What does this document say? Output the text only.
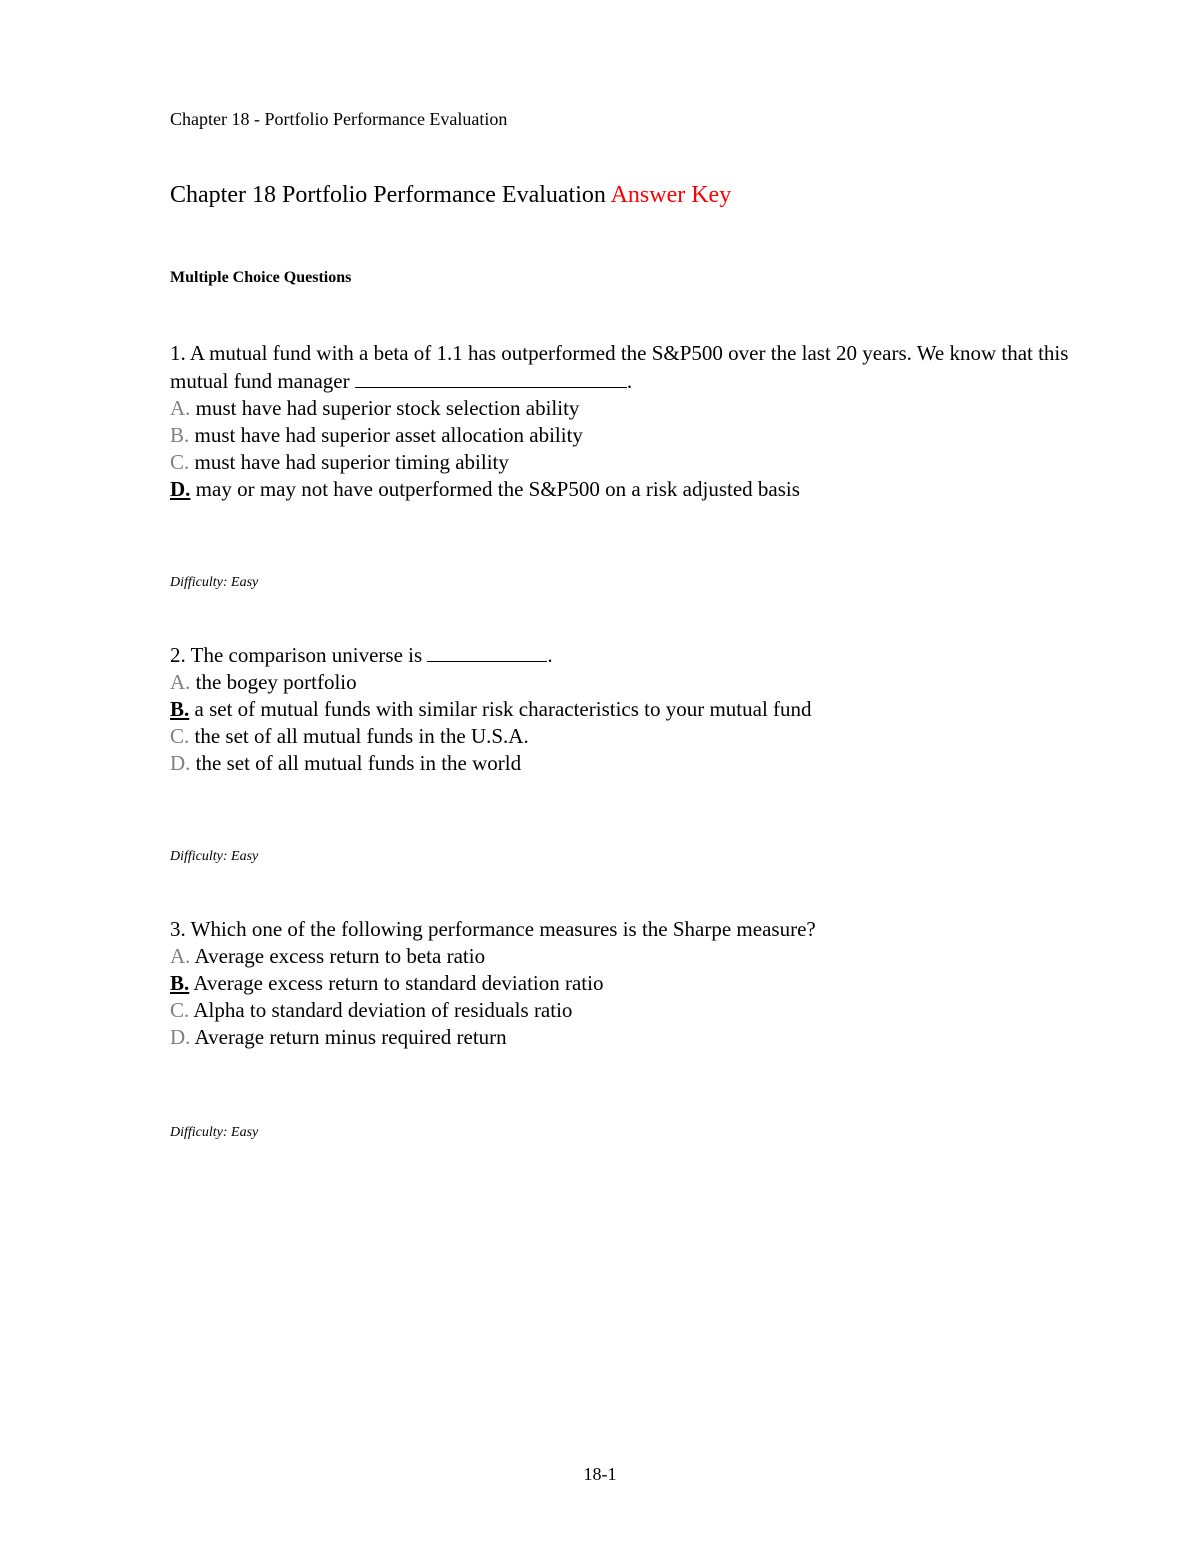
Chapter 18 - Portfolio Performance Evaluation
Chapter 18 Portfolio Performance Evaluation Answer Key
Multiple Choice Questions

1. A mutual fund with a beta of 1.1 has outperformed the S&P500 over the last 20 years. We know that this mutual fund manager	.

A. must have had superior stock selection ability

B. must have had superior asset allocation ability

C. must have had superior timing ability

D. may or may not have outperformed the S&P500 on a risk adjusted basis

Difficulty: Easy

2. The comparison universe is	.

A. the bogey portfolio

B. a set of mutual funds with similar risk characteristics to your mutual fund

C. the set of all mutual funds in the U.S.A.

D. the set of all mutual funds in the world

Difficulty: Easy

3. Which one of the following performance measures is the Sharpe measure?

A. Average excess return to beta ratio

B. Average excess return to standard deviation ratio

C. Alpha to standard deviation of residuals ratio

D. Average return minus required return

Difficulty: Easy
18-1
